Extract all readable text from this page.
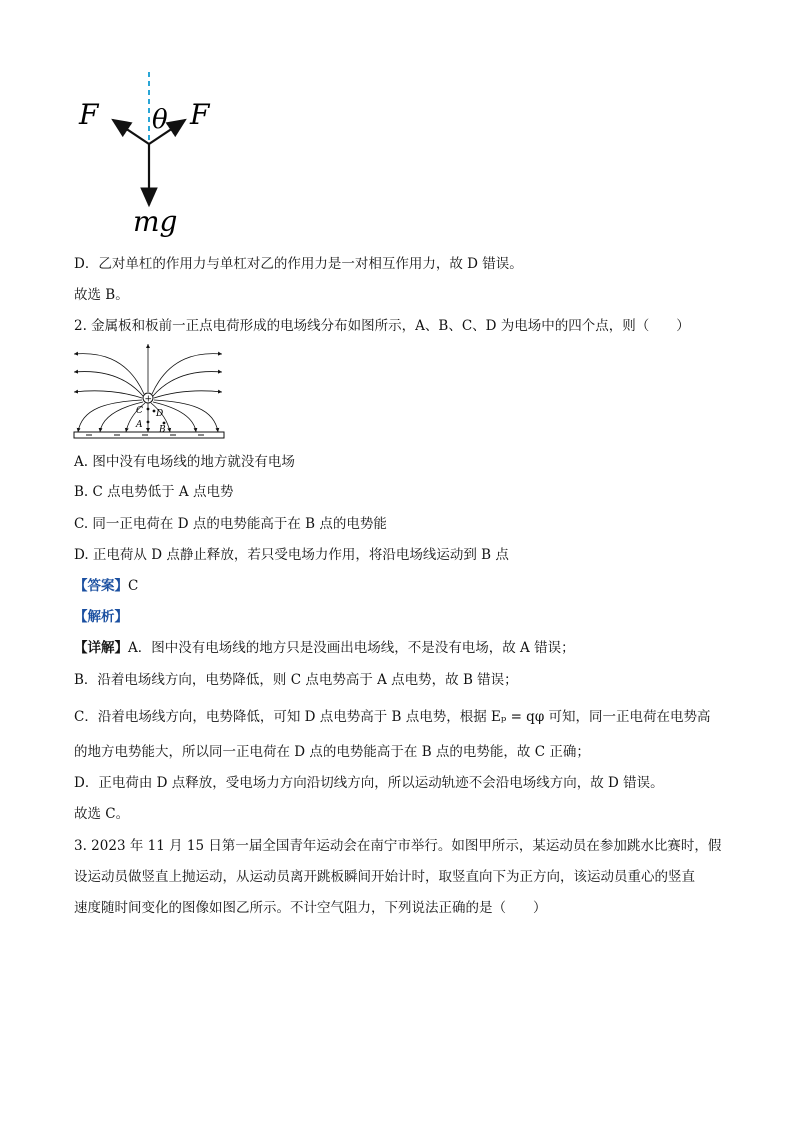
F	F
θ
mg
D．乙对单杠的作用力与单杠对乙的作用力是一对相互作用力，故 D 错误。
故选 B。
2. 金属板和板前一正点电荷形成的电场线分布如图所示，A、B、C、D 为电场中的四个点，则（　　）
+
C D
A B
A. 图中没有电场线的地方就没有电场
B. C 点电势低于 A 点电势
C. 同一正电荷在 D 点的电势能高于在 B 点的电势能
D. 正电荷从 D 点静止释放，若只受电场力作用，将沿电场线运动到 B 点
【答案】C
【解析】
【详解】A．图中没有电场线的地方只是没画出电场线，不是没有电场，故 A 错误；
B．沿着电场线方向，电势降低，则 C 点电势高于 A 点电势，故 B 错误；
C．沿着电场线方向，电势降低，可知 D 点电势高于 B 点电势，根据 Eₚ = qφ 可知，同一正电荷在电势高
的地方电势能大，所以同一正电荷在 D 点的电势能高于在 B 点的电势能，故 C 正确；
D．正电荷由 D 点释放，受电场力方向沿切线方向，所以运动轨迹不会沿电场线方向，故 D 错误。
故选 C。
3. 2023 年 11 月 15 日第一届全国青年运动会在南宁市举行。如图甲所示，某运动员在参加跳水比赛时，假
设运动员做竖直上抛运动，从运动员离开跳板瞬间开始计时，取竖直向下为正方向，该运动员重心的竖直
速度随时间变化的图像如图乙所示。不计空气阻力，下列说法正确的是（　　）
